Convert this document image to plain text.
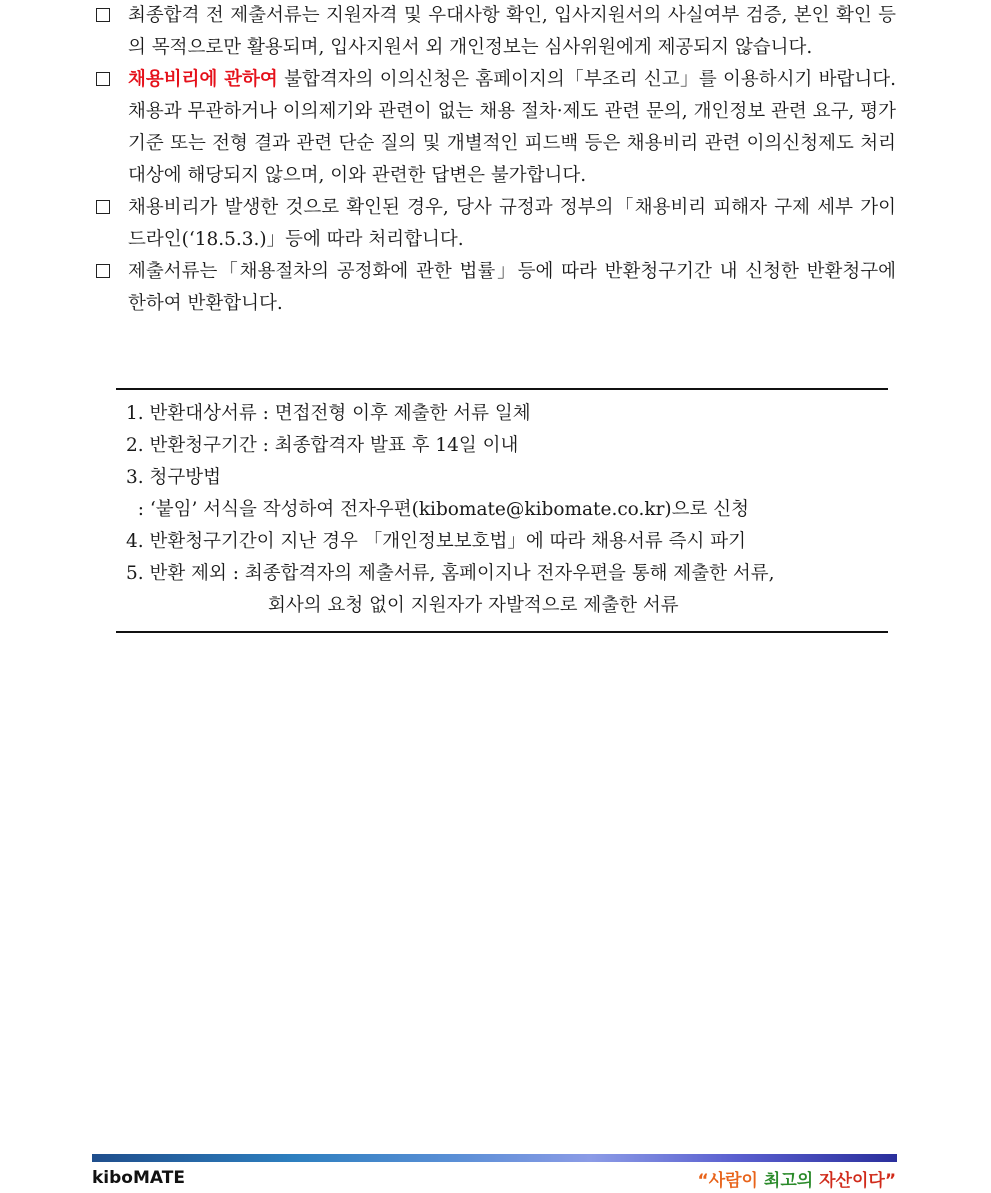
최종합격 전 제출서류는 지원자격 및 우대사항 확인, 입사지원서의 사실여부 검증, 본인 확인 등의 목적으로만 활용되며, 입사지원서 외 개인정보는 심사위원에게 제공되지 않습니다.
채용비리에 관하여 불합격자의 이의신청은 홈페이지의「부조리 신고」를 이용하시기 바랍니다. 채용과 무관하거나 이의제기와 관련이 없는 채용 절차·제도 관련 문의, 개인정보 관련 요구, 평가기준 또는 전형 결과 관련 단순 질의 및 개별적인 피드백 등은 채용비리 관련 이의신청제도 처리 대상에 해당되지 않으며, 이와 관련한 답변은 불가합니다.
채용비리가 발생한 것으로 확인된 경우, 당사 규정과 정부의「채용비리 피해자 구제 세부 가이드라인(‘18.5.3.)」등에 따라 처리합니다.
제출서류는「채용절차의 공정화에 관한 법률」등에 따라 반환청구기간 내 신청한 반환청구에 한하여 반환합니다.
1. 반환대상서류 : 면접전형 이후 제출한 서류 일체
2. 반환청구기간 : 최종합격자 발표 후 14일 이내
3. 청구방법
: ‘붙임’ 서식을 작성하여 전자우편(kibomate@kibomate.co.kr)으로 신청
4. 반환청구기간이 지난 경우 「개인정보보호법」에 따라 채용서류 즉시 파기
5. 반환 제외 : 최종합격자의 제출서류, 홈페이지나 전자우편을 통해 제출한 서류,
회사의 요청 없이 지원자가 자발적으로 제출한 서류
kiboMATE	“사람이 최고의 자산이다”
